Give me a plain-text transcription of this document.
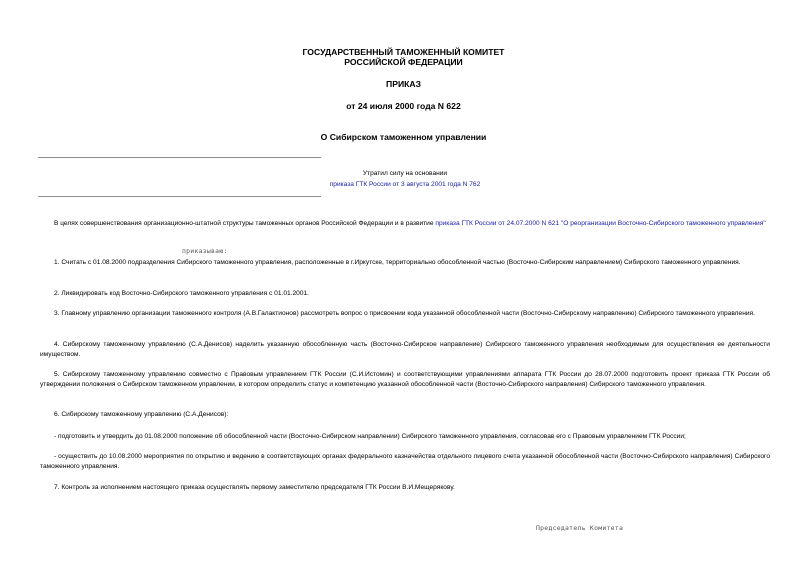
ГОСУДАРСТВЕННЫЙ ТАМОЖЕННЫЙ КОМИТЕТ
РОССИЙСКОЙ ФЕДЕРАЦИИ
ПРИКАЗ
от 24 июля 2000 года N 622
О Сибирском таможенном управлении
Утратил силу на основании
приказа ГТК России от 3 августа 2001 года N 762
В целях совершенствования организационно-штатной структуры таможенных органов Российской Федерации и в развитие приказа ГТК России от 24.07.2000 N 621 "О реорганизации Восточно-Сибирского таможенного управления"
приказываю:
1. Считать с 01.08.2000 подразделения Сибирского таможенного управления, расположенные в г.Иркутске, территориально обособленной частью (Восточно-Сибирским направлением) Сибирского таможенного управления.
2. Ликвидировать код Восточно-Сибирского таможенного управления с 01.01.2001.
3. Главному управлению организации таможенного контроля (А.В.Галактионов) рассмотреть вопрос о присвоении кода указанной обособленной части (Восточно-Сибирскому направлению) Сибирского таможенного управления.
4. Сибирскому таможенному управлению (С.А.Денисов) наделить указанную обособленную часть (Восточно-Сибирское направление) Сибирского таможенного управления необходимым для осуществления ее деятельности имуществом.
5. Сибирскому таможенному управлению совместно с Правовым управлением ГТК России (С.И.Истомин) и соответствующими управлениями аппарата ГТК России до 28.07.2000 подготовить проект приказа ГТК России об утверждении положения о Сибирском таможенном управлении, в котором определить статус и компетенцию указанной обособленной части (Восточно-Сибирского направления) Сибирского таможенного управления.
6. Сибирскому таможенному управлению (С.А.Денисов):
- подготовить и утвердить до 01.08.2000 положение об обособленной части (Восточно-Сибирском направлении) Сибирского таможенного управления, согласовав его с Правовым управлением ГТК России;
- осуществить до 10.08.2000 мероприятия по открытию и ведению в соответствующих органах федерального казначейства отдельного лицевого счета указанной обособленной части (Восточно-Сибирского направления) Сибирского таможенного управления.
7. Контроль за исполнением настоящего приказа осуществлять первому заместителю председателя ГТК России В.И.Мещерякову.
Председатель Комитета
